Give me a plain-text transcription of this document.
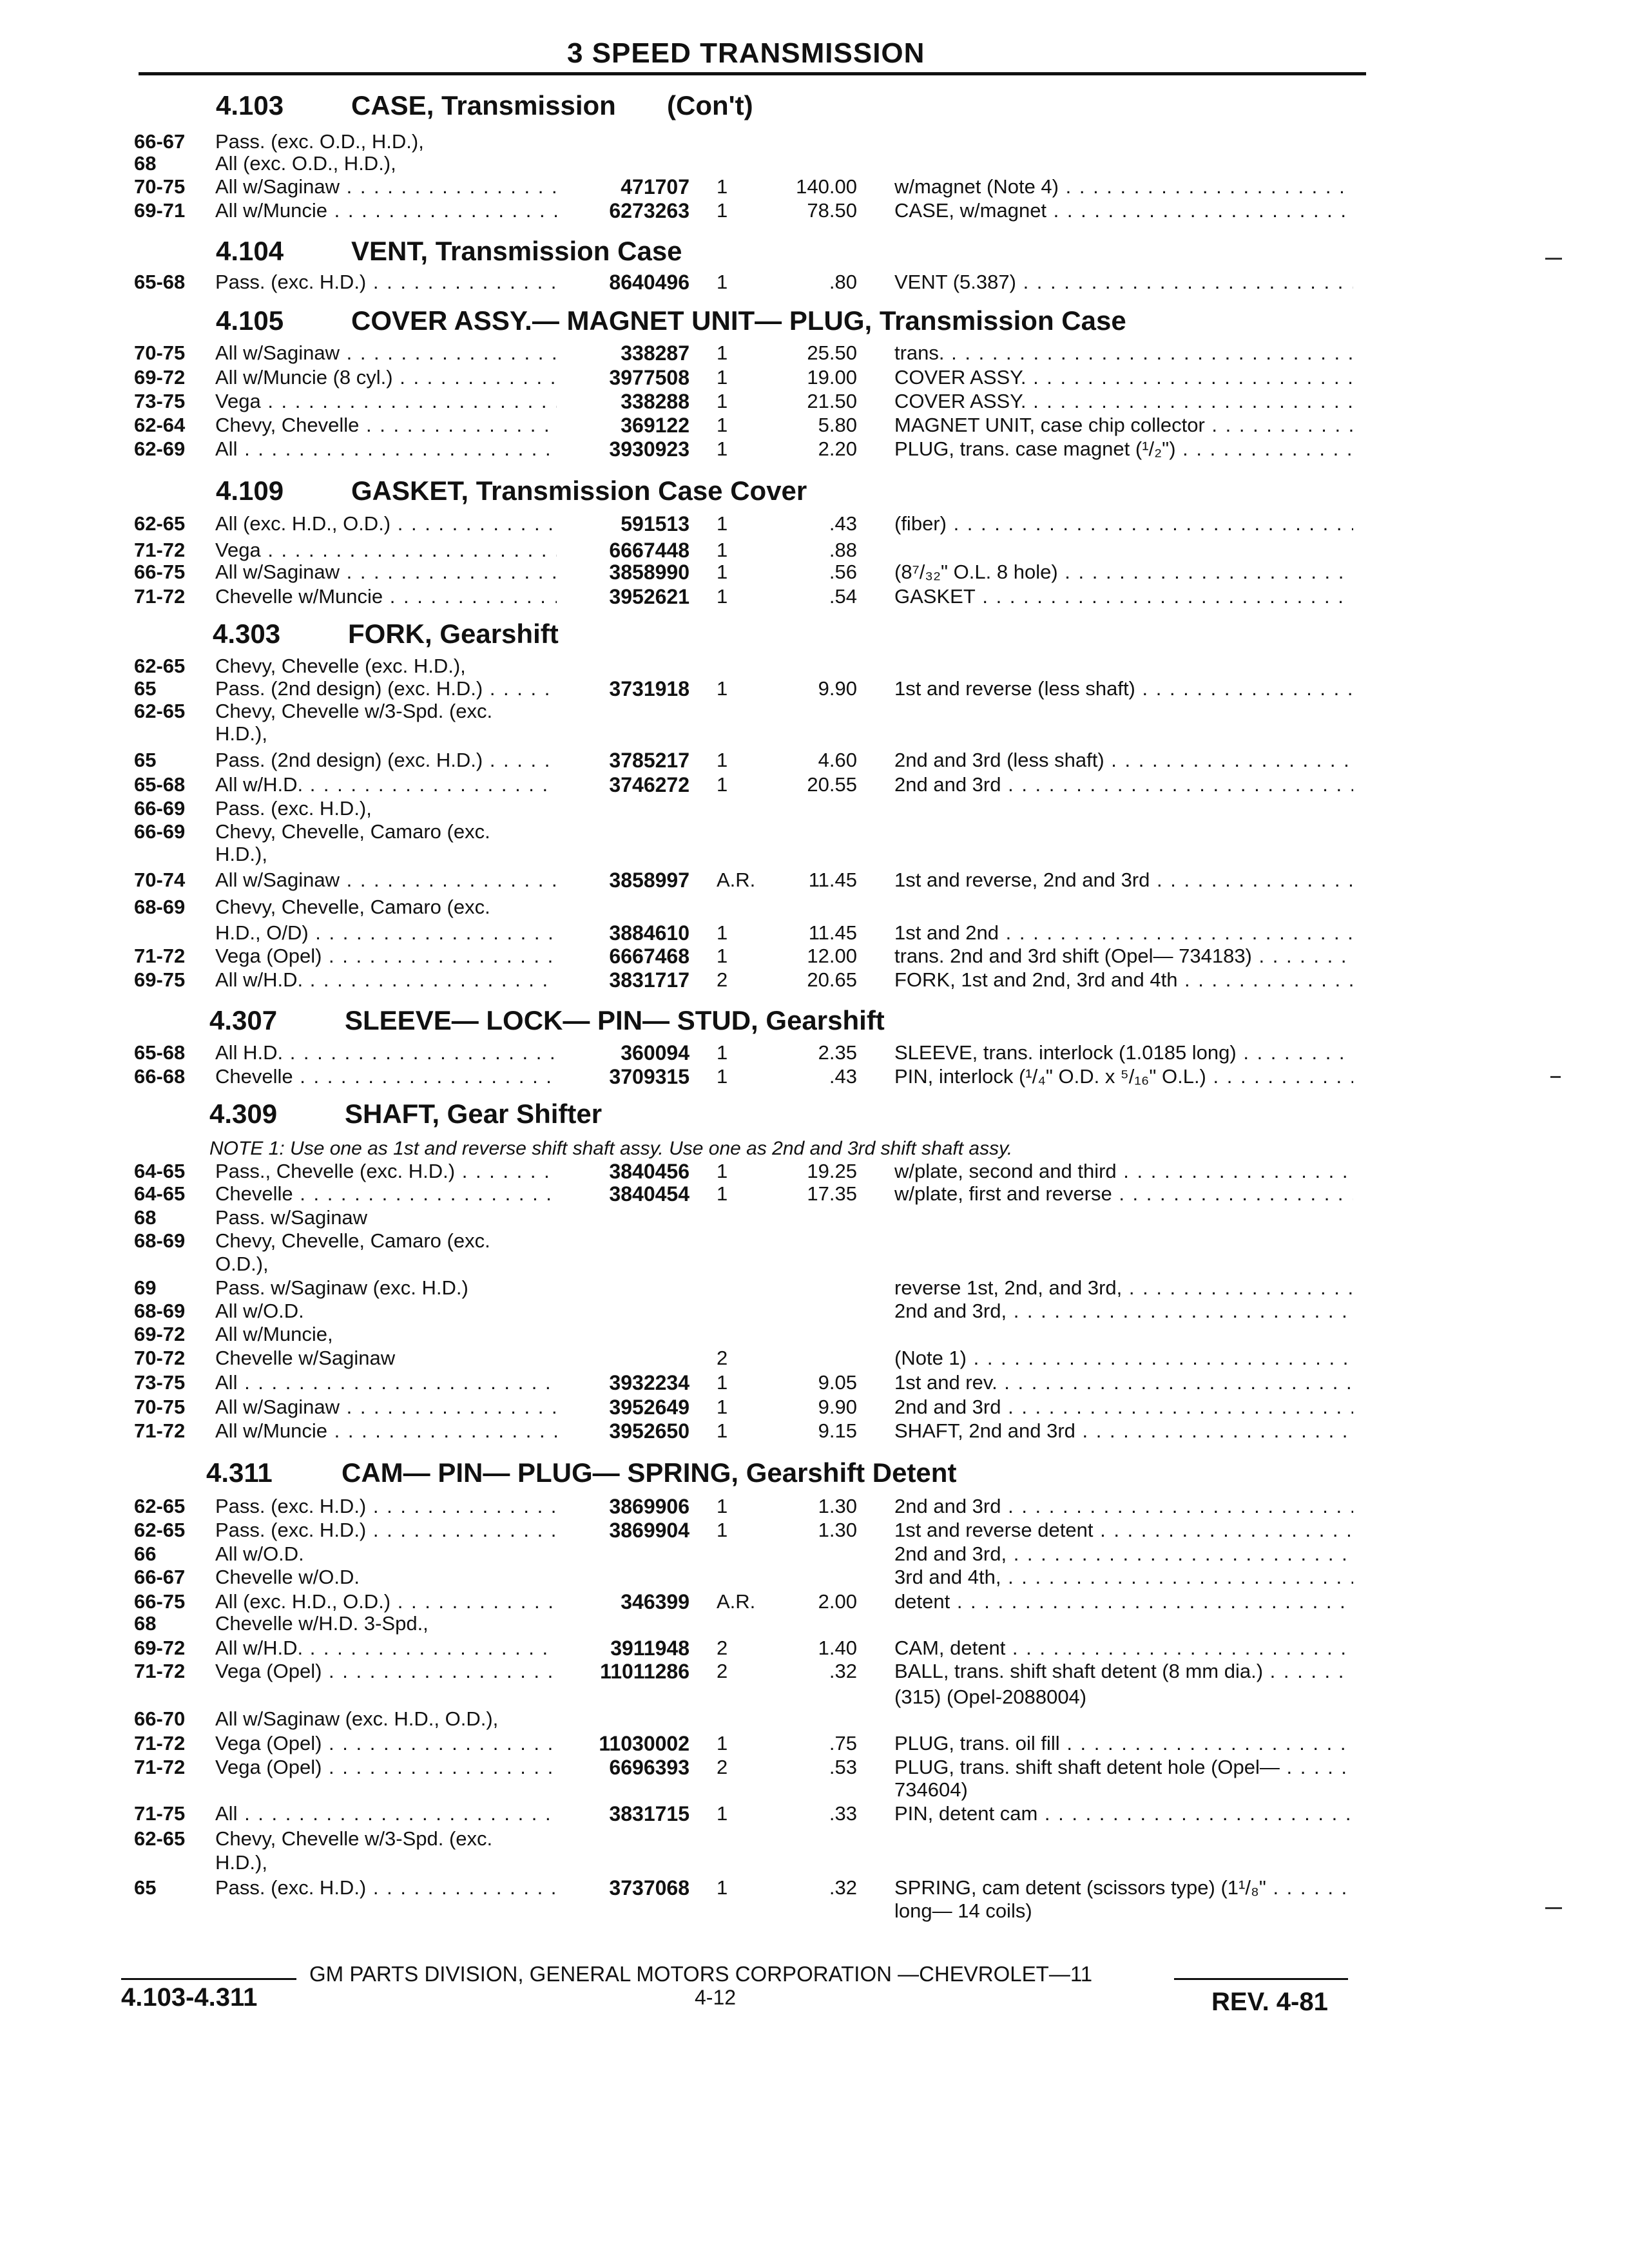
3 SPEED TRANSMISSION
4.103 CASE, Transmission (Con't)
66-67 Pass. (exc. O.D., H.D.),
68	All (exc. O.D., H.D.),
70-75 All w/Saginaw . . .	471707 1	140.00 w/magnet (Note 4) . . .
69-71 All w/Muncie . . .	6273263 1	78.50 CASE, w/magnet . . .
4.104 VENT, Transmission Case
65-68 Pass. (exc. H.D.) . . .	8640496 1	.80 VENT (5.387) . . .
4.105 COVER ASSY.— MAGNET UNIT— PLUG, Transmission Case
70-75 All w/Saginaw . . .	338287 1	25.50 trans. . . .
69-72 All w/Muncie (8 cyl.) . . .	3977508 1	19.00 COVER ASSY. . . .
73-75 Vega . . .	338288 1	21.50 COVER ASSY. . . .
62-64 Chevy, Chevelle . . .	369122 1	5.80 MAGNET UNIT, case chip collector . . .
62-69 All . . .	3930923 1	2.20 PLUG, trans. case magnet (¹/₂") . . .
4.109 GASKET, Transmission Case Cover
62-65 All (exc. H.D., O.D.) . . .	591513 1	.43 (fiber) . . .
71-72 Vega . . .	6667448 1	.88
66-75 All w/Saginaw . . .	3858990 1	.56 (8⁷/₃₂" O.L. 8 hole) . . .
71-72 Chevelle w/Muncie . . .	3952621 1	.54 GASKET . . .
4.303 FORK, Gearshift
62-65 Chevy, Chevelle (exc. H.D.),
65	Pass. (2nd design) (exc. H.D.) . . .	3731918 1	9.90 1st and reverse (less shaft) . . .
62-65 Chevy, Chevelle w/3-Spd. (exc.
H.D.),
65	Pass. (2nd design) (exc. H.D.) . . .	3785217 1	4.60 2nd and 3rd (less shaft) . . .
65-68 All w/H.D. . . .	3746272 1	20.55 2nd and 3rd . . .
66-69 Pass. (exc. H.D.),
66-69 Chevy, Chevelle, Camaro (exc.
H.D.),
70-74 All w/Saginaw . . .	3858997 A.R.	11.45 1st and reverse, 2nd and 3rd . . .
68-69 Chevy, Chevelle, Camaro (exc.
H.D., O/D) . . .	3884610 1	11.45 1st and 2nd . . .
71-72 Vega (Opel) . . .	6667468 1	12.00 trans. 2nd and 3rd shift (Opel— 734183) . . .
69-75 All w/H.D. . . .	3831717 2	20.65 FORK, 1st and 2nd, 3rd and 4th . . .
4.307 SLEEVE— LOCK— PIN— STUD, Gearshift
65-68 All H.D. . . .	360094 1	2.35 SLEEVE, trans. interlock (1.0185 long) . . .
66-68 Chevelle . . .	3709315 1	.43 PIN, interlock (¹/₄" O.D. x ⁵/₁₆" O.L.) . . .
4.309 SHAFT, Gear Shifter
NOTE 1: Use one as 1st and reverse shift shaft assy. Use one as 2nd and 3rd shift shaft assy.
64-65 Pass., Chevelle (exc. H.D.) . . .	3840456 1	19.25 w/plate, second and third . . .
64-65 Chevelle . . .	3840454 1	17.35 w/plate, first and reverse . . .
68	Pass. w/Saginaw
68-69 Chevy, Chevelle, Camaro (exc.
O.D.),
69	Pass. w/Saginaw (exc. H.D.)	reverse 1st, 2nd, and 3rd, . . .
68-69 All w/O.D.	2nd and 3rd, . . .
69-72 All w/Muncie,
70-72 Chevelle w/Saginaw	2	(Note 1) . . .
73-75 All . . .	3932234 1	9.05 1st and rev. . . .
70-75 All w/Saginaw . . .	3952649 1	9.90 2nd and 3rd . . .
71-72 All w/Muncie . . .	3952650 1	9.15 SHAFT, 2nd and 3rd . . .
4.311	CAM— PIN— PLUG— SPRING, Gearshift Detent
62-65 Pass. (exc. H.D.) . . .	3869906 1	1.30 2nd and 3rd . . .
62-65 Pass. (exc. H.D.) . . .	3869904 1	1.30 1st and reverse detent . . .
66	All w/O.D.	2nd and 3rd, . . .
66-67 Chevelle w/O.D.	3rd and 4th, . . .
66-75 All (exc. H.D., O.D.) . . .	346399 A.R.	2.00 detent . . .
68	Chevelle w/H.D. 3-Spd.,
69-72 All w/H.D. . . .	3911948 2	1.40 CAM, detent . . .
71-72 Vega (Opel) . . .	11011286 2	.32 BALL, trans. shift shaft detent (8 mm dia.) . . .
(315) (Opel-2088004)
66-70 All w/Saginaw (exc. H.D., O.D.),
71-72 Vega (Opel) . . .	11030002 1	.75 PLUG, trans. oil fill . . .
71-72 Vega (Opel) . . .	6696393 2	.53 PLUG, trans. shift shaft detent hole (Opel— . . .
734604)
71-75 All . . .	3831715 1	.33 PIN, detent cam . . .
62-65 Chevy, Chevelle w/3-Spd. (exc.
H.D.),
65	Pass. (exc. H.D.) . . .	3737068 1	.32 SPRING, cam detent (scissors type) (1¹/₈" . . .
long— 14 coils)
GM PARTS DIVISION, GENERAL MOTORS CORPORATION —CHEVROLET—11
4.103-4.311	4-12	REV. 4-81
